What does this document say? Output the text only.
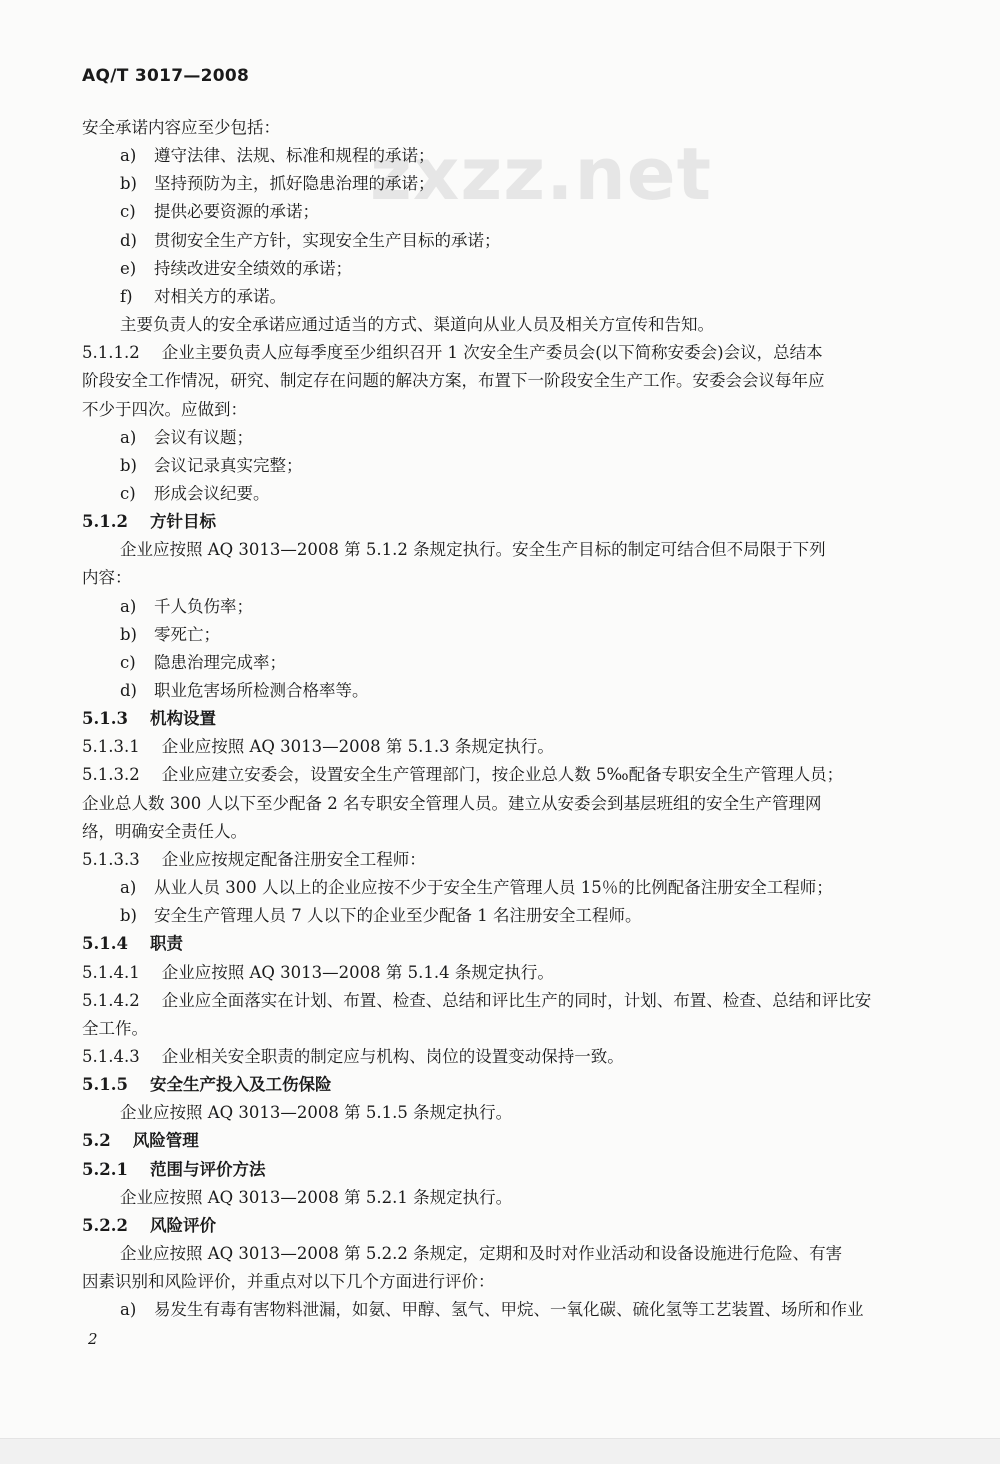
AQ/T 3017—2008
zxzz.net
安全承诺内容应至少包括：
a) 遵守法律、法规、标准和规程的承诺；
b) 坚持预防为主，抓好隐患治理的承诺；
c) 提供必要资源的承诺；
d) 贯彻安全生产方针，实现安全生产目标的承诺；
e) 持续改进安全绩效的承诺；
f) 对相关方的承诺。
主要负责人的安全承诺应通过适当的方式、渠道向从业人员及相关方宣传和告知。
5.1.1.2 企业主要负责人应每季度至少组织召开 1 次安全生产委员会(以下简称安委会)会议，总结本
阶段安全工作情况，研究、制定存在问题的解决方案，布置下一阶段安全生产工作。安委会会议每年应
不少于四次。应做到：
a) 会议有议题；
b) 会议记录真实完整；
c) 形成会议纪要。
5.1.2 方针目标
企业应按照 AQ 3013—2008 第 5.1.2 条规定执行。安全生产目标的制定可结合但不局限于下列
内容：
a) 千人负伤率；
b) 零死亡；
c) 隐患治理完成率；
d) 职业危害场所检测合格率等。
5.1.3 机构设置
5.1.3.1 企业应按照 AQ 3013—2008 第 5.1.3 条规定执行。
5.1.3.2 企业应建立安委会，设置安全生产管理部门，按企业总人数 5‰配备专职安全生产管理人员；
企业总人数 300 人以下至少配备 2 名专职安全管理人员。建立从安委会到基层班组的安全生产管理网
络，明确安全责任人。
5.1.3.3 企业应按规定配备注册安全工程师：
a) 从业人员 300 人以上的企业应按不少于安全生产管理人员 15％的比例配备注册安全工程师；
b) 安全生产管理人员 7 人以下的企业至少配备 1 名注册安全工程师。
5.1.4 职责
5.1.4.1 企业应按照 AQ 3013—2008 第 5.1.4 条规定执行。
5.1.4.2 企业应全面落实在计划、布置、检查、总结和评比生产的同时，计划、布置、检查、总结和评比安
全工作。
5.1.4.3 企业相关安全职责的制定应与机构、岗位的设置变动保持一致。
5.1.5 安全生产投入及工伤保险
企业应按照 AQ 3013—2008 第 5.1.5 条规定执行。
5.2 风险管理
5.2.1 范围与评价方法
企业应按照 AQ 3013—2008 第 5.2.1 条规定执行。
5.2.2 风险评价
企业应按照 AQ 3013—2008 第 5.2.2 条规定，定期和及时对作业活动和设备设施进行危险、有害
因素识别和风险评价，并重点对以下几个方面进行评价：
a) 易发生有毒有害物料泄漏，如氨、甲醇、氢气、甲烷、一氧化碳、硫化氢等工艺装置、场所和作业
2
